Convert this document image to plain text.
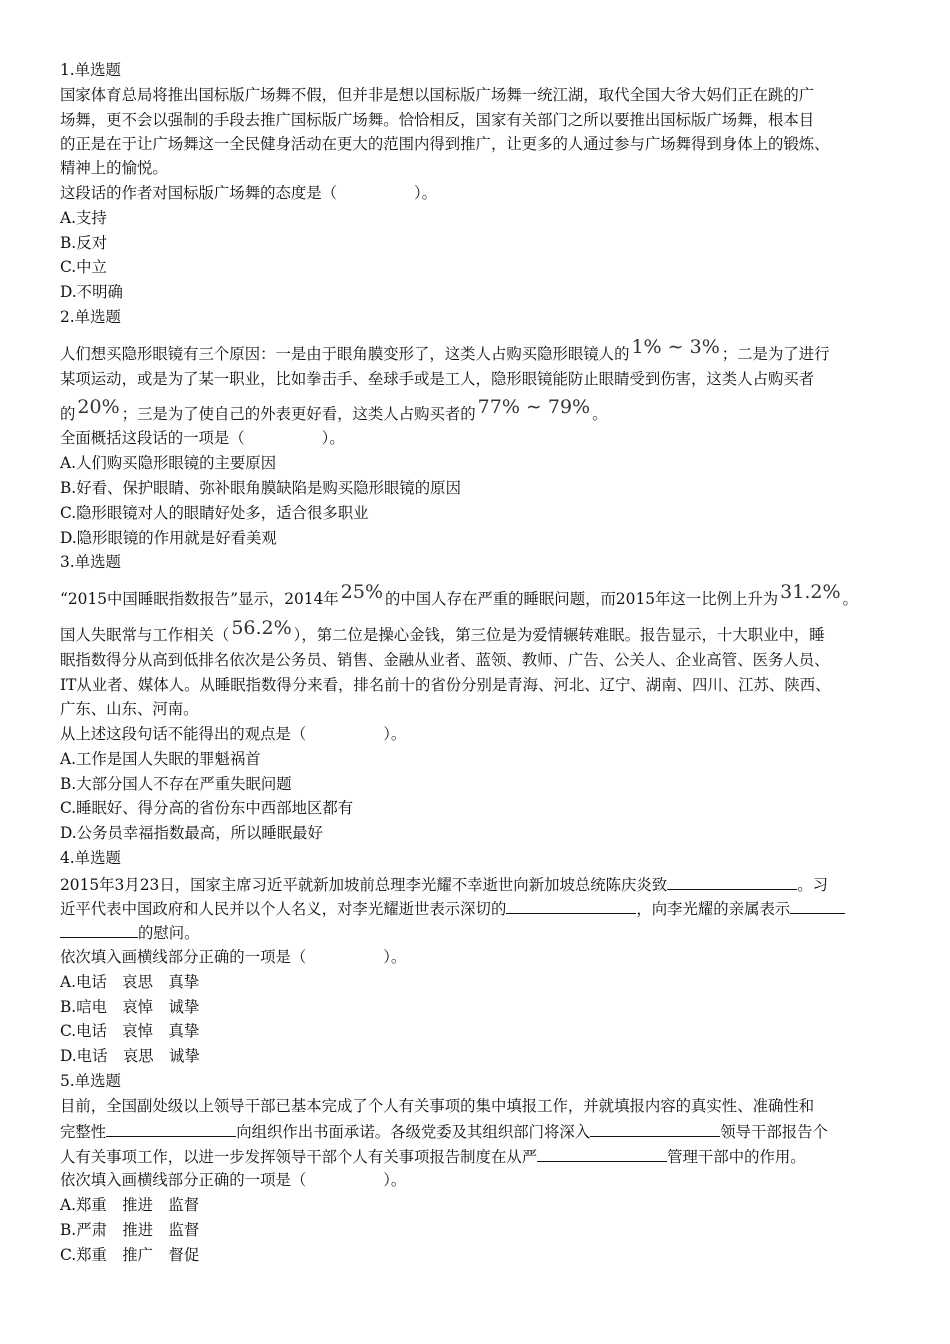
1.单选题
国家体育总局将推出国标版广场舞不假，但并非是想以国标版广场舞一统江湖，取代全国大爷大妈们正在跳的广
场舞，更不会以强制的手段去推广国标版广场舞。恰恰相反，国家有关部门之所以要推出国标版广场舞，根本目
的正是在于让广场舞这一全民健身活动在更大的范围内得到推广，让更多的人通过参与广场舞得到身体上的锻炼、
精神上的愉悦。
这段话的作者对国标版广场舞的态度是（　　　　　）。
A.支持
B.反对
C.中立
D.不明确
2.单选题
人们想买隐形眼镜有三个原因：一是由于眼角膜变形了，这类人占购买隐形眼镜人的 1% ∼ 3% ；二是为了进行
某项运动，或是为了某一职业，比如拳击手、垒球手或是工人，隐形眼镜能防止眼睛受到伤害，这类人占购买者
的 20% ；三是为了使自己的外表更好看，这类人占购买者的 77% ∼ 79% 。
全面概括这段话的一项是（　　　　　）。
A.人们购买隐形眼镜的主要原因
B.好看、保护眼睛、弥补眼角膜缺陷是购买隐形眼镜的原因
C.隐形眼镜对人的眼睛好处多，适合很多职业
D.隐形眼镜的作用就是好看美观
3.单选题
“2015中国睡眠指数报告”显示，2014年 25% 的中国人存在严重的睡眠问题，而2015年这一比例上升为 31.2% 。
国人失眠常与工作相关（ 56.2% ），第二位是操心金钱，第三位是为爱情辗转难眠。报告显示，十大职业中，睡
眠指数得分从高到低排名依次是公务员、销售、金融从业者、蓝领、教师、广告、公关人、企业高管、医务人员、
IT从业者、媒体人。从睡眠指数得分来看，排名前十的省份分别是青海、河北、辽宁、湖南、四川、江苏、陕西、
广东、山东、河南。
从上述这段句话不能得出的观点是（　　　　　）。
A.工作是国人失眠的罪魁祸首
B.大部分国人不存在严重失眠问题
C.睡眠好、得分高的省份东中西部地区都有
D.公务员幸福指数最高，所以睡眠最好
4.单选题
2015年3月23日，国家主席习近平就新加坡前总理李光耀不幸逝世向新加坡总统陈庆炎致	。习
近平代表中国政府和人民并以个人名义，对李光耀逝世表示深切的	，向李光耀的亲属表示
的慰问。
依次填入画横线部分正确的一项是（　　　　　）。
A.电话　哀思　真挚
B.唁电　哀悼　诚挚
C.电话　哀悼　真挚
D.电话　哀思　诚挚
5.单选题
目前，全国副处级以上领导干部已基本完成了个人有关事项的集中填报工作，并就填报内容的真实性、准确性和
完整性	向组织作出书面承诺。各级党委及其组织部门将深入	领导干部报告个
人有关事项工作，以进一步发挥领导干部个人有关事项报告制度在从严	管理干部中的作用。
依次填入画横线部分正确的一项是（　　　　　）。
A.郑重　推进　监督
B.严肃　推进　监督
C.郑重　推广　督促
